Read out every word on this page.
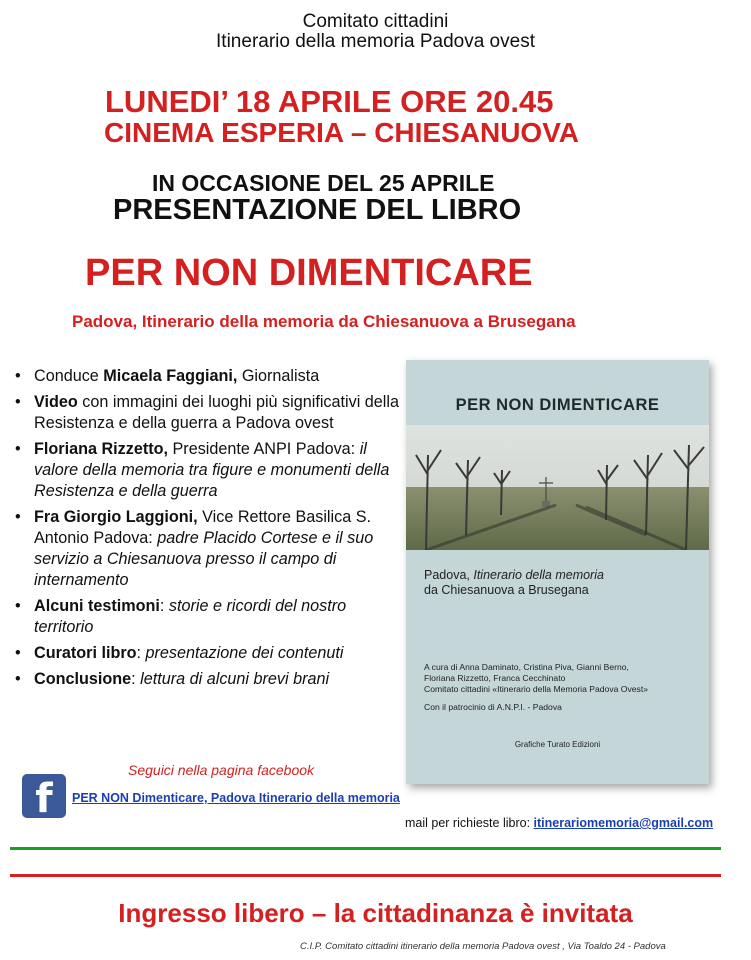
Comitato cittadini
Itinerario della memoria Padova ovest
LUNEDI’ 18 APRILE ORE 20.45
CINEMA ESPERIA – CHIESANUOVA
IN OCCASIONE DEL 25 APRILE
PRESENTAZIONE DEL LIBRO
PER NON DIMENTICARE
Padova, Itinerario della memoria da Chiesanuova a Brusegana
• Conduce Micaela Faggiani, Giornalista
• Video con immagini dei luoghi più significativi della Resistenza e della guerra a Padova ovest
• Floriana Rizzetto, Presidente ANPI Padova: il valore della memoria tra figure e monumenti della Resistenza e della guerra
• Fra Giorgio Laggioni, Vice Rettore Basilica S. Antonio Padova: padre Placido Cortese e il suo servizio a Chiesanuova presso il campo di internamento
• Alcuni testimoni: storie e ricordi del nostro territorio
• Curatori libro: presentazione dei contenuti
• Conclusione: lettura di alcuni brevi brani
Seguici nella pagina facebook
f	PER NON Dimenticare, Padova Itinerario della memoria
mail per richieste libro: itinerariomemoria@gmail.com
PER NON DIMENTICARE
Padova, Itinerario della memoria
da Chiesanuova a Brusegana
A cura di Anna Daminato, Cristina Piva, Gianni Berno,
Floriana Rizzetto, Franca Cecchinato
Comitato cittadini «Itinerario della Memoria Padova Ovest»
Con il patrocinio di A.N.P.I. - Padova
Grafiche Turato Edizioni
Ingresso libero – la cittadinanza è invitata
C.I.P. Comitato cittadini itinerario della memoria Padova ovest , Via Toaldo 24 - Padova
